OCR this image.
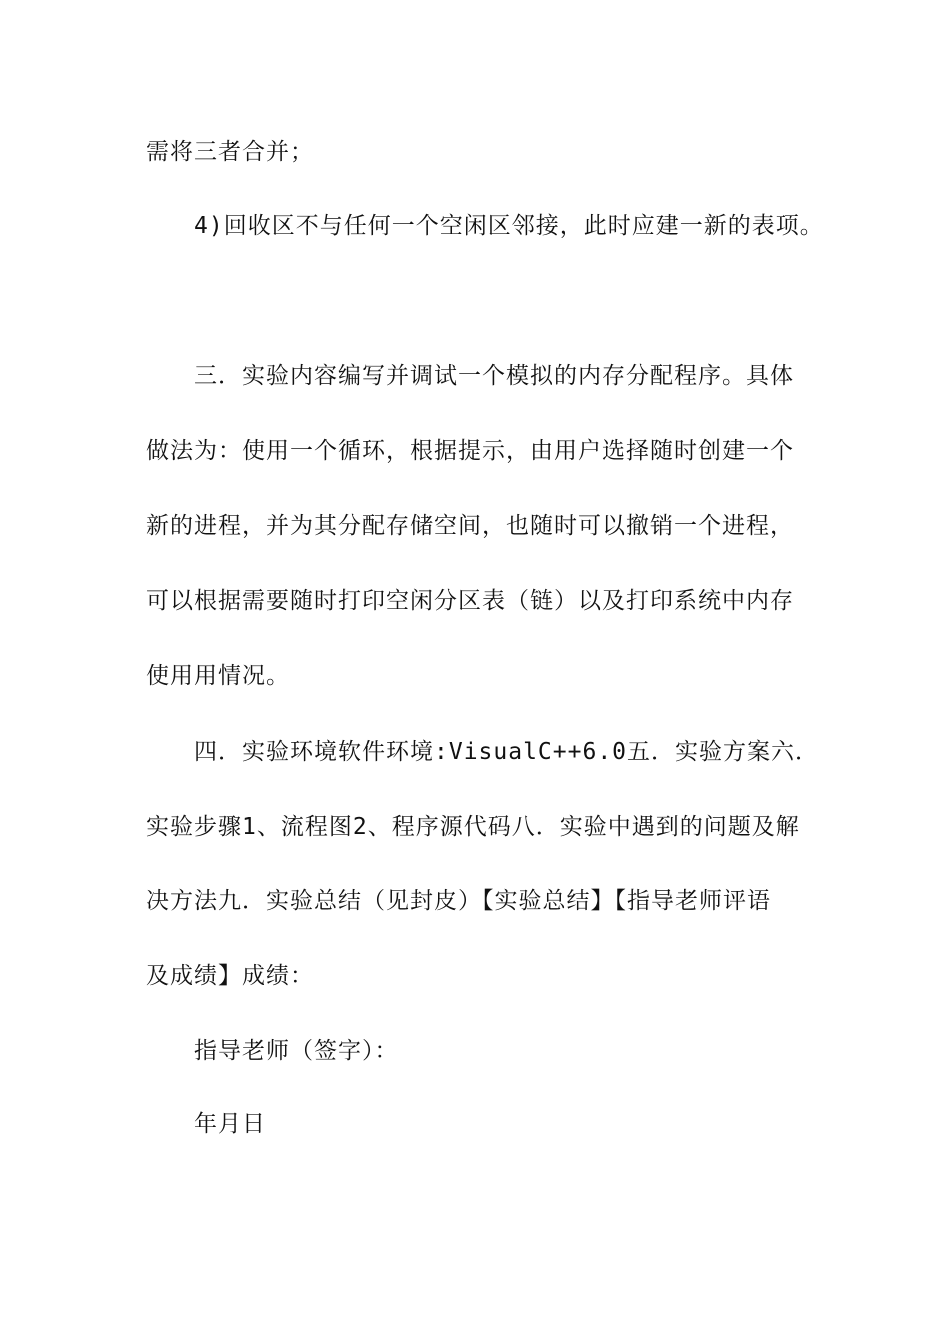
需将三者合并；
4)回收区不与任何一个空闲区邻接，此时应建一新的表项。
三．实验内容编写并调试一个模拟的内存分配程序。具体
做法为：使用一个循环，根据提示，由用户选择随时创建一个
新的进程，并为其分配存储空间，也随时可以撤销一个进程，
可以根据需要随时打印空闲分区表（链）以及打印系统中内存
使用用情况。
四．实验环境软件环境:VisualC++6.0五．实验方案六．
实验步骤1、流程图2、程序源代码八．实验中遇到的问题及解
决方法九．实验总结（见封皮）【实验总结】【指导老师评语
及成绩】成绩：
指导老师（签字）：
年月日
